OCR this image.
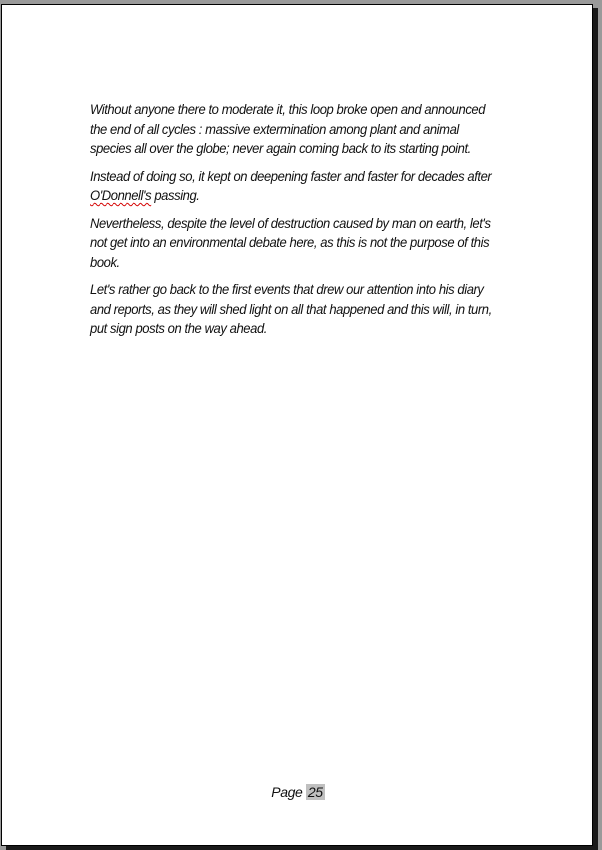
Without anyone there to moderate it, this loop broke open and announced the end of all cycles : massive extermination among plant and animal species all over the globe; never again coming back to its starting point.

Instead of doing so, it kept on deepening faster and faster for decades after O'Donnell's passing.

Nevertheless, despite the level of destruction caused by man on earth, let's not get into an environmental debate here, as this is not the purpose of this book.

Let's rather go back to the first events that drew our attention into his diary and reports, as they will shed light on all that happened and this will, in turn, put sign posts on the way ahead.

Page 25
